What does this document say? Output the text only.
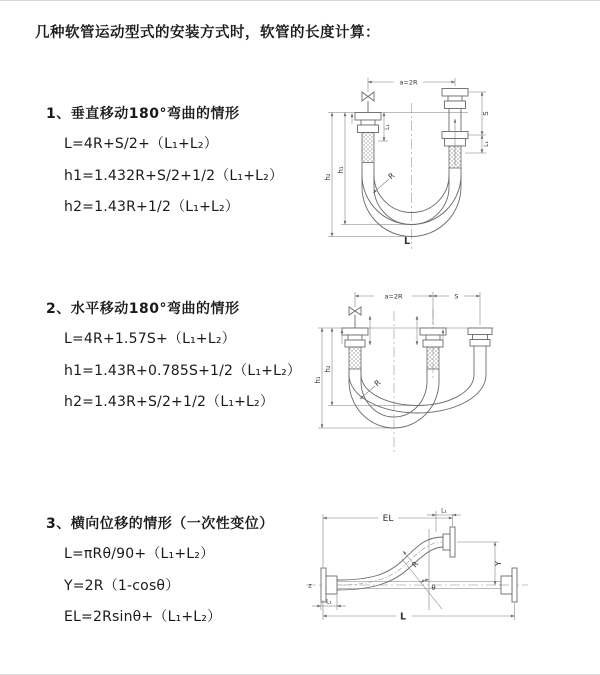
几种软管运动型式的安装方式时，软管的长度计算：
1、垂直移动180°弯曲的情形
L=4R+S/2+（L₁+L₂）
h1=1.432R+S/2+1/2（L₁+L₂）
h2=1.43R+1/2（L₁+L₂）
2、水平移动180°弯曲的情形
L=4R+1.57S+（L₁+L₂）
h1=1.43R+0.785S+1/2（L₁+L₂）
h2=1.43R+S/2+1/2（L₁+L₂）
3、横向位移的情形（一次性变位）
L=πRθ/90+（L₁+L₂）
Y=2R（1-cosθ）
EL=2Rsinθ+（L₁+L₂）
a=2R
h₂
h₁
L₁
S
L₁
R
L
a=2R	S
h₁
h₂
R
z	θ
R
EL
L₁
Y
L₁
L
